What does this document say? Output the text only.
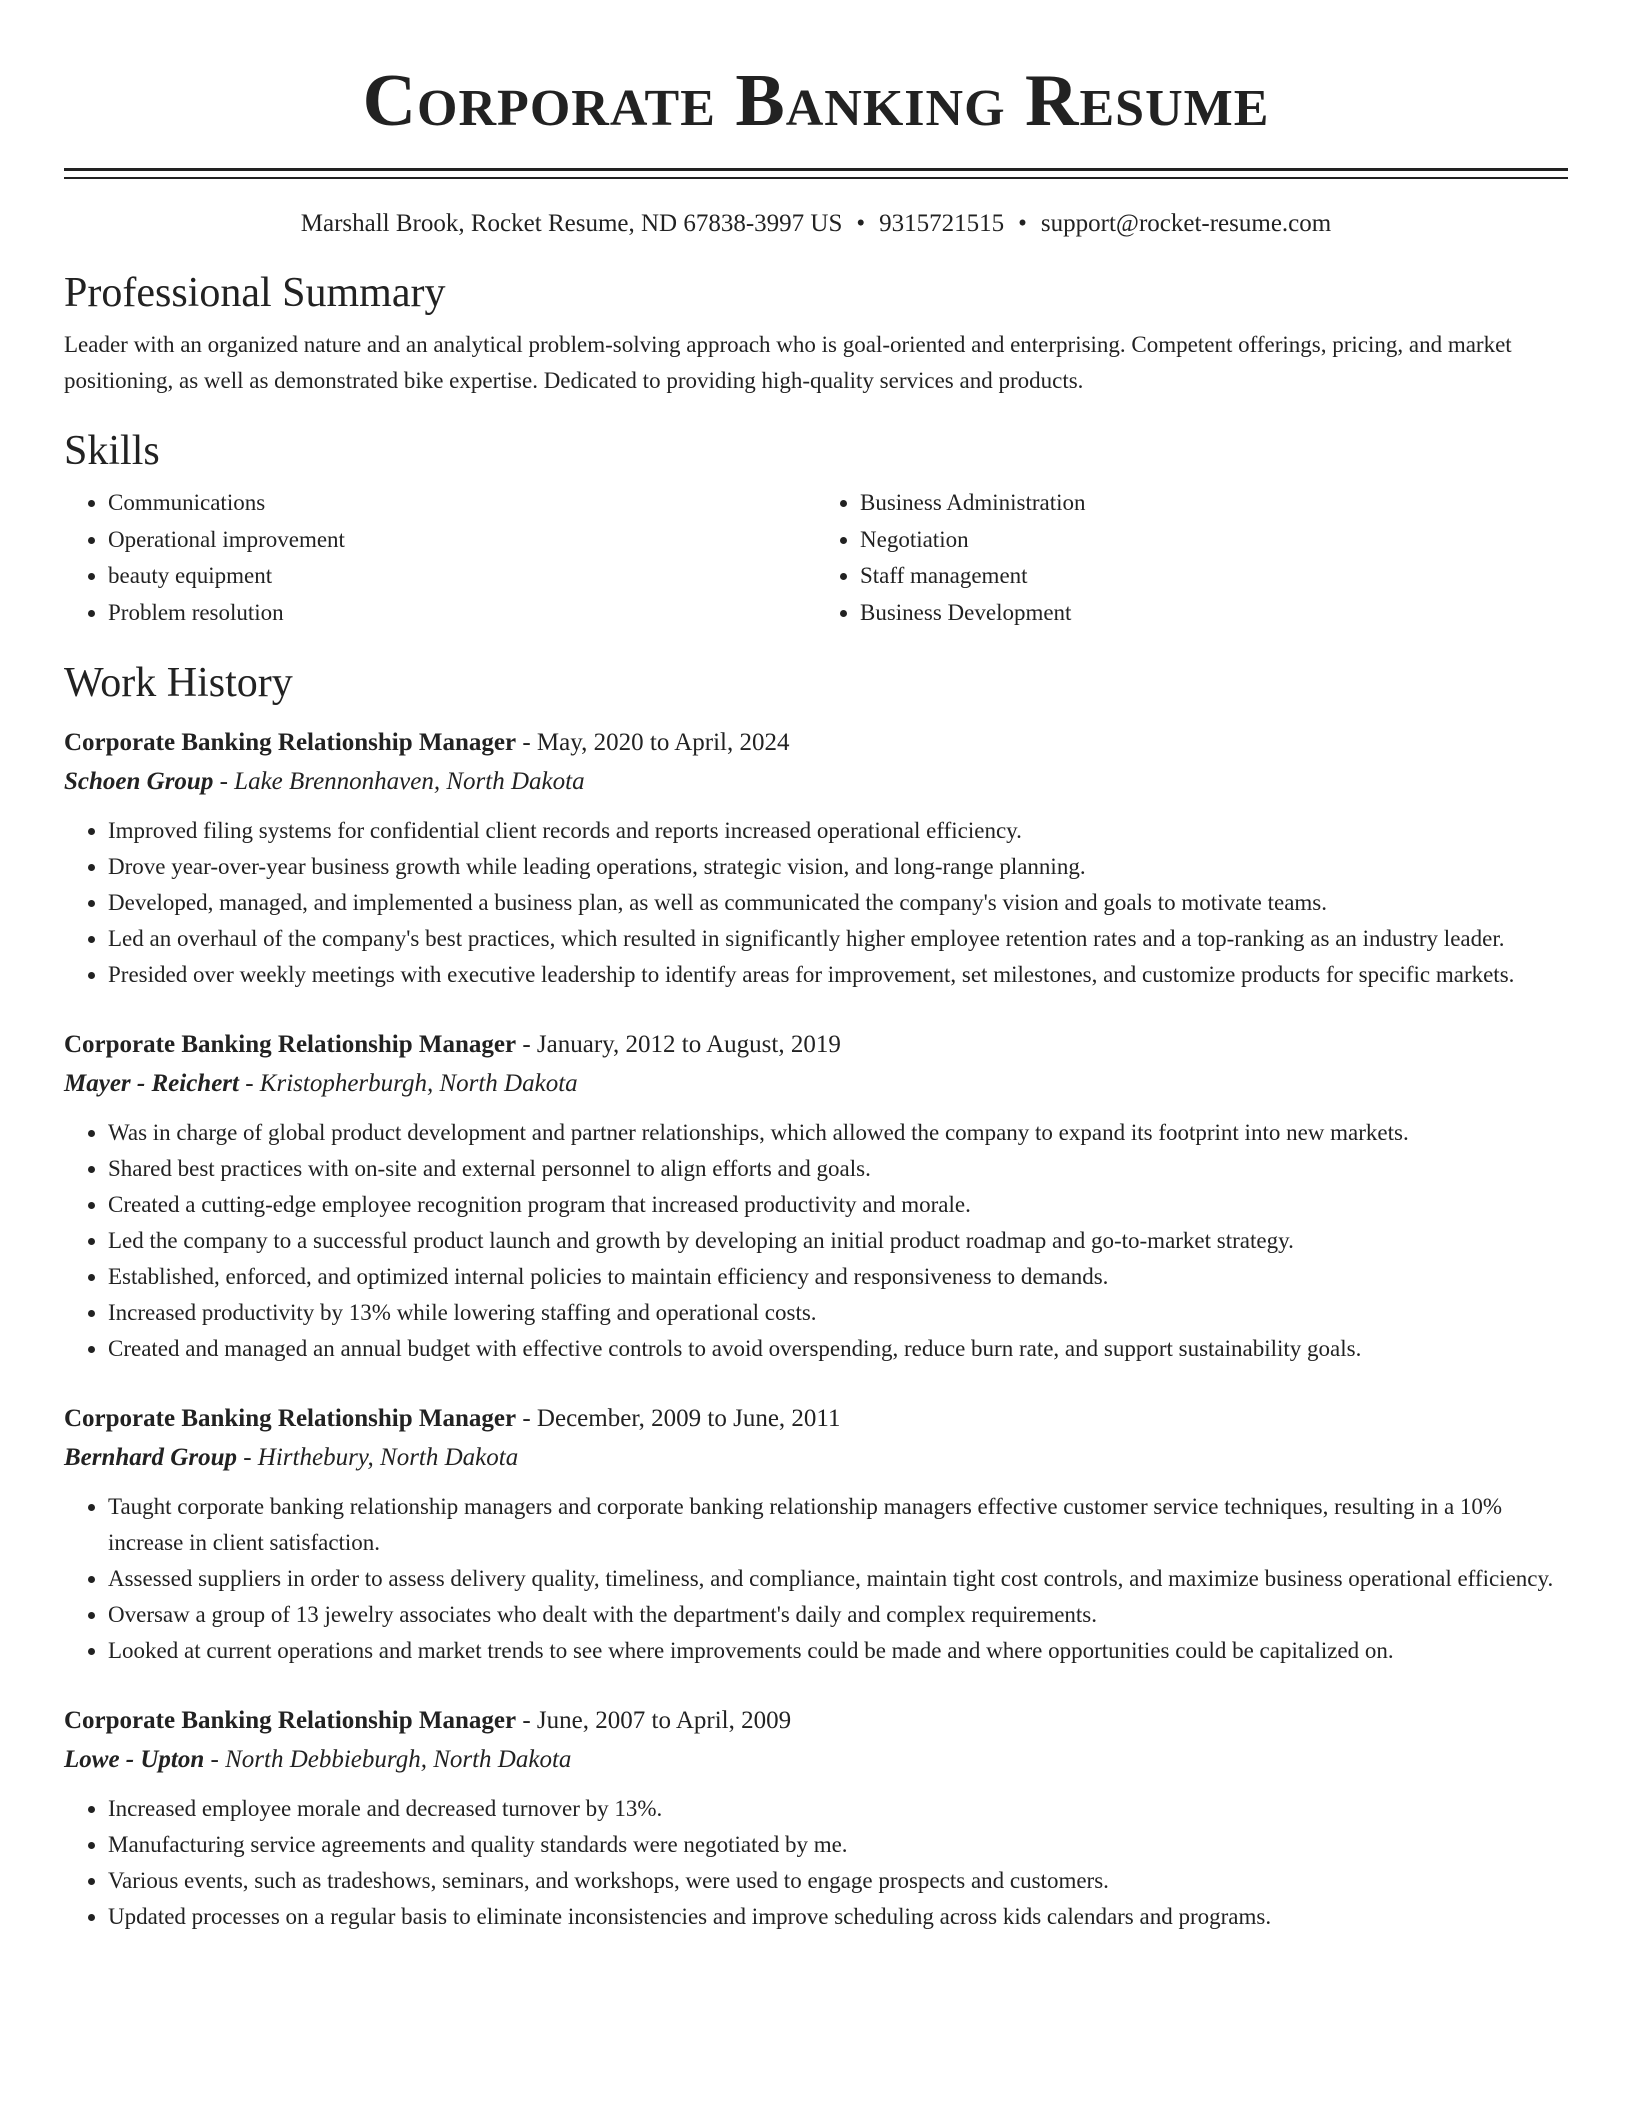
Corporate Banking Resume
Marshall Brook, Rocket Resume, ND 67838-3997 US • 9315721515 • support@rocket-resume.com
Professional Summary

Leader with an organized nature and an analytical problem-solving approach who is goal-oriented and enterprising. Competent offerings, pricing, and market positioning, as well as demonstrated bike expertise. Dedicated to providing high-quality services and products.

Skills
• Communications
• Operational improvement
• beauty equipment
• Problem resolution
• Business Administration
• Negotiation
• Staff management
• Business Development
Work History
Corporate Banking Relationship Manager - May, 2020 to April, 2024
Schoen Group - Lake Brennonhaven, North Dakota
• Improved filing systems for confidential client records and reports increased operational efficiency.
• Drove year-over-year business growth while leading operations, strategic vision, and long-range planning.
• Developed, managed, and implemented a business plan, as well as communicated the company's vision and goals to motivate teams.
• Led an overhaul of the company's best practices, which resulted in significantly higher employee retention rates and a top-ranking as an industry leader.
• Presided over weekly meetings with executive leadership to identify areas for improvement, set milestones, and customize products for specific markets.
Corporate Banking Relationship Manager - January, 2012 to August, 2019
Mayer - Reichert - Kristopherburgh, North Dakota
• Was in charge of global product development and partner relationships, which allowed the company to expand its footprint into new markets.
• Shared best practices with on-site and external personnel to align efforts and goals.
• Created a cutting-edge employee recognition program that increased productivity and morale.
• Led the company to a successful product launch and growth by developing an initial product roadmap and go-to-market strategy.
• Established, enforced, and optimized internal policies to maintain efficiency and responsiveness to demands.
• Increased productivity by 13% while lowering staffing and operational costs.
• Created and managed an annual budget with effective controls to avoid overspending, reduce burn rate, and support sustainability goals.
Corporate Banking Relationship Manager - December, 2009 to June, 2011
Bernhard Group - Hirthebury, North Dakota
• Taught corporate banking relationship managers and corporate banking relationship managers effective customer service techniques, resulting in a 10% increase in client satisfaction.
• Assessed suppliers in order to assess delivery quality, timeliness, and compliance, maintain tight cost controls, and maximize business operational efficiency.
• Oversaw a group of 13 jewelry associates who dealt with the department's daily and complex requirements.
• Looked at current operations and market trends to see where improvements could be made and where opportunities could be capitalized on.
Corporate Banking Relationship Manager - June, 2007 to April, 2009
Lowe - Upton - North Debbieburgh, North Dakota
• Increased employee morale and decreased turnover by 13%.
• Manufacturing service agreements and quality standards were negotiated by me.
• Various events, such as tradeshows, seminars, and workshops, were used to engage prospects and customers.
• Updated processes on a regular basis to eliminate inconsistencies and improve scheduling across kids calendars and programs.
